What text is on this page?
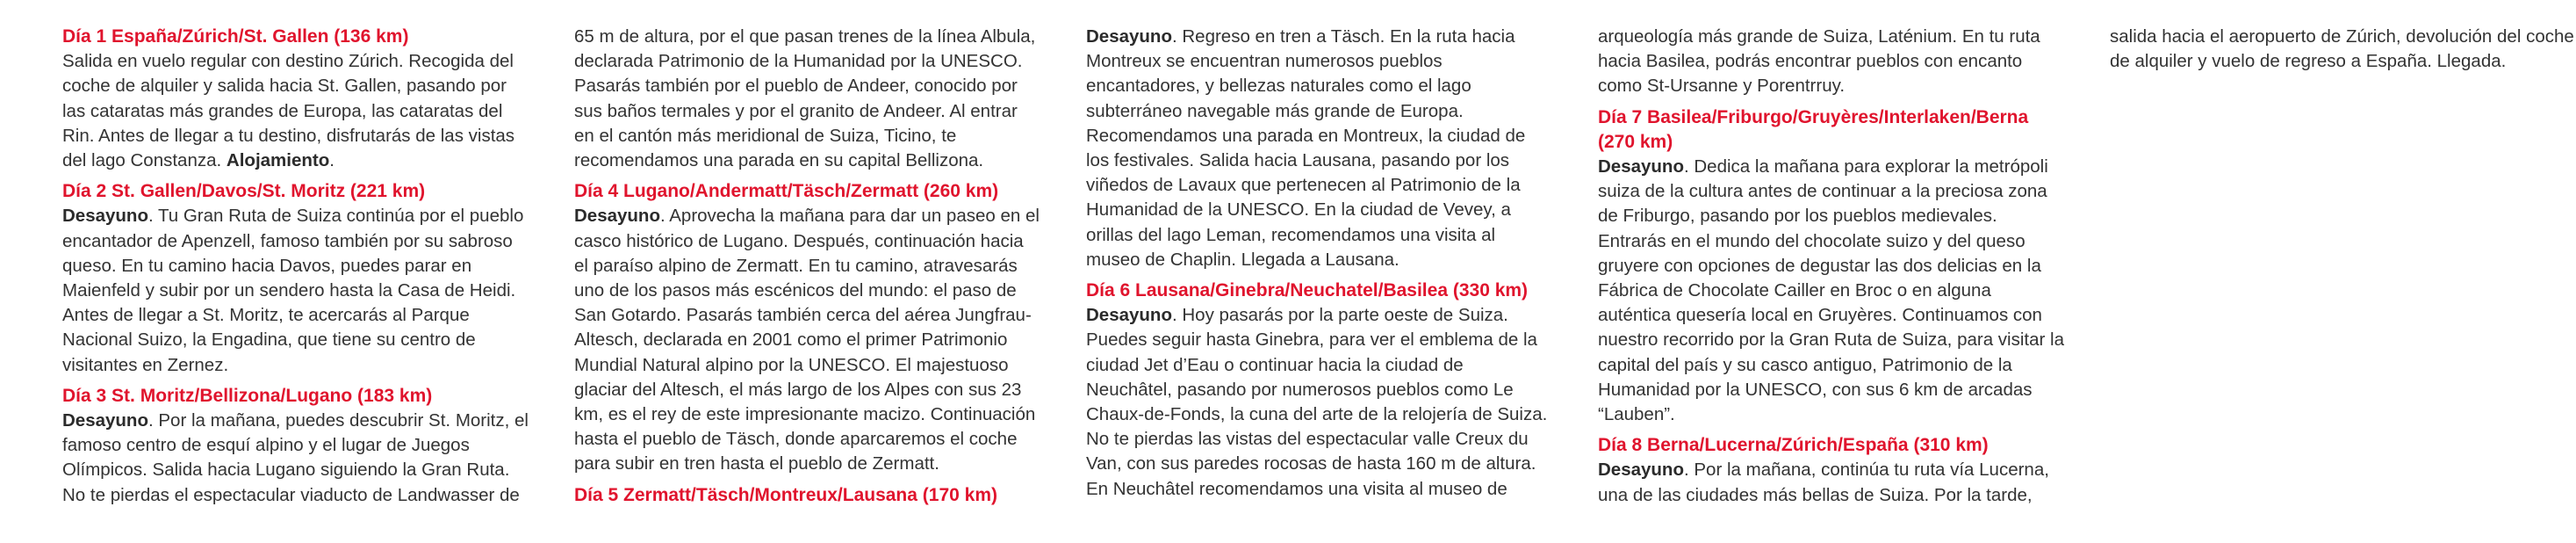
Día 1 España/Zúrich/St. Gallen (136 km)
Salida en vuelo regular con destino Zúrich. Recogida del coche de alquiler y salida hacia St. Gallen, pasando por las cataratas más grandes de Europa, las cataratas del Rin. Antes de llegar a tu destino, disfrutarás de las vistas del lago Constanza. Alojamiento.
Día 2 St. Gallen/Davos/St. Moritz (221 km)
Desayuno. Tu Gran Ruta de Suiza continúa por el pueblo encantador de Apenzell, famoso también por su sabroso queso. En tu camino hacia Davos, puedes parar en Maienfeld y subir por un sendero hasta la Casa de Heidi. Antes de llegar a St. Moritz, te acercarás al Parque Nacional Suizo, la Engadina, que tiene su centro de visitantes en Zernez.
Día 3 St. Moritz/Bellizona/Lugano (183 km)
Desayuno. Por la mañana, puedes descubrir St. Moritz, el famoso centro de esquí alpino y el lugar de Juegos Olímpicos. Salida hacia Lugano siguiendo la Gran Ruta. No te pierdas el espectacular viaducto de Landwasser de 65 m de altura, por el que pasan trenes de la línea Albula, declarada Patrimonio de la Humanidad por la UNESCO. Pasarás también por el pueblo de Andeer, conocido por sus baños termales y por el granito de Andeer. Al entrar en el cantón más meridional de Suiza, Ticino, te recomendamos una parada en su capital Bellizona.
Día 4 Lugano/Andermatt/Täsch/Zermatt (260 km)
Desayuno. Aprovecha la mañana para dar un paseo en el casco histórico de Lugano. Después, continuación hacia el paraíso alpino de Zermatt. En tu camino, atravesarás uno de los pasos más escénicos del mundo: el paso de San Gotardo. Pasarás también cerca del aérea Jungfrau-Altesch, declarada en 2001 como el primer Patrimonio Mundial Natural alpino por la UNESCO. El majestuoso glaciar del Altesch, el más largo de los Alpes con sus 23 km, es el rey de este impresionante macizo. Continuación hasta el pueblo de Täsch, donde aparcaremos el coche para subir en tren hasta el pueblo de Zermatt.
Día 5 Zermatt/Täsch/Montreux/Lausana (170 km)
Desayuno. Regreso en tren a Täsch. En la ruta hacia Montreux se encuentran numerosos pueblos encantadores, y bellezas naturales como el lago subterráneo navegable más grande de Europa. Recomendamos una parada en Montreux, la ciudad de los festivales. Salida hacia Lausana, pasando por los viñedos de Lavaux que pertenecen al Patrimonio de la Humanidad de la UNESCO. En la ciudad de Vevey, a orillas del lago Leman, recomendamos una visita al museo de Chaplin. Llegada a Lausana.
Día 6 Lausana/Ginebra/Neuchatel/Basilea (330 km)
Desayuno. Hoy pasarás por la parte oeste de Suiza. Puedes seguir hasta Ginebra, para ver el emblema de la ciudad Jet d’Eau o continuar hacia la ciudad de Neuchâtel, pasando por numerosos pueblos como Le Chaux-de-Fonds, la cuna del arte de la relojería de Suiza. No te pierdas las vistas del espectacular valle Creux du Van, con sus paredes rocosas de hasta 160 m de altura. En Neuchâtel recomendamos una visita al museo de arqueología más grande de Suiza, Laténium. En tu ruta hacia Basilea, podrás encontrar pueblos con encanto como St-Ursanne y Porentrruy.
Día 7 Basilea/Friburgo/Gruyères/Interlaken/Berna (270 km)
Desayuno. Dedica la mañana para explorar la metrópoli suiza de la cultura antes de continuar a la preciosa zona de Friburgo, pasando por los pueblos medievales. Entrarás en el mundo del chocolate suizo y del queso gruyere con opciones de degustar las dos delicias en la Fábrica de Chocolate Cailler en Broc o en alguna auténtica quesería local en Gruyères. Continuamos con nuestro recorrido por la Gran Ruta de Suiza, para visitar la capital del país y su casco antiguo, Patrimonio de la Humanidad por la UNESCO, con sus 6 km de arcadas “Lauben”.
Día 8 Berna/Lucerna/Zúrich/España (310 km)
Desayuno. Por la mañana, continúa tu ruta vía Lucerna, una de las ciudades más bellas de Suiza. Por la tarde, salida hacia el aeropuerto de Zúrich, devolución del coche de alquiler y vuelo de regreso a España. Llegada.
